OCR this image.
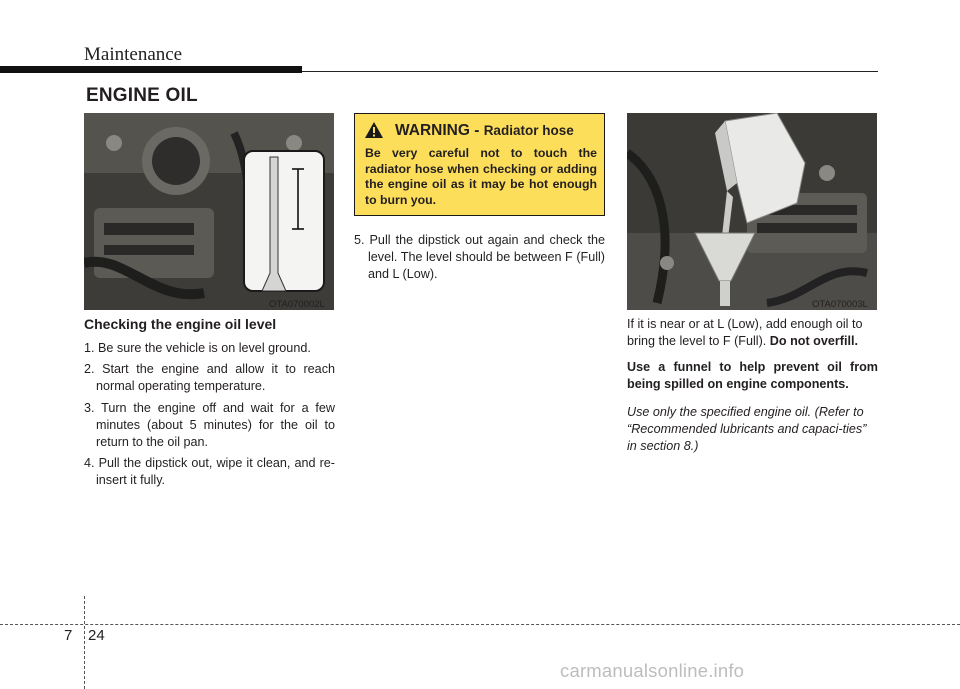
Maintenance
ENGINE OIL
OTA070002L
Checking the engine oil level
1. Be sure the vehicle is on level ground.
2. Start the engine and allow it to reach normal operating temperature.
3. Turn the engine off and wait for a few minutes (about 5 minutes) for the oil to return to the oil pan.
4. Pull the dipstick out, wipe it clean, and re-insert it fully.
WARNING - Radiator hose
Be very careful not to touch the radiator hose when checking or adding the engine oil as it may be hot enough to burn you.
5. Pull the dipstick out again and check the level. The level should be between F (Full) and L (Low).
OTA070003L
If it is near or at L (Low), add enough oil to bring the level to F (Full). Do not overfill.
Use a funnel to help prevent oil from being spilled on engine components.
Use only the specified engine oil. (Refer to “Recommended lubricants and capaci-ties” in section 8.)
7 24
carmanualsonline.info
